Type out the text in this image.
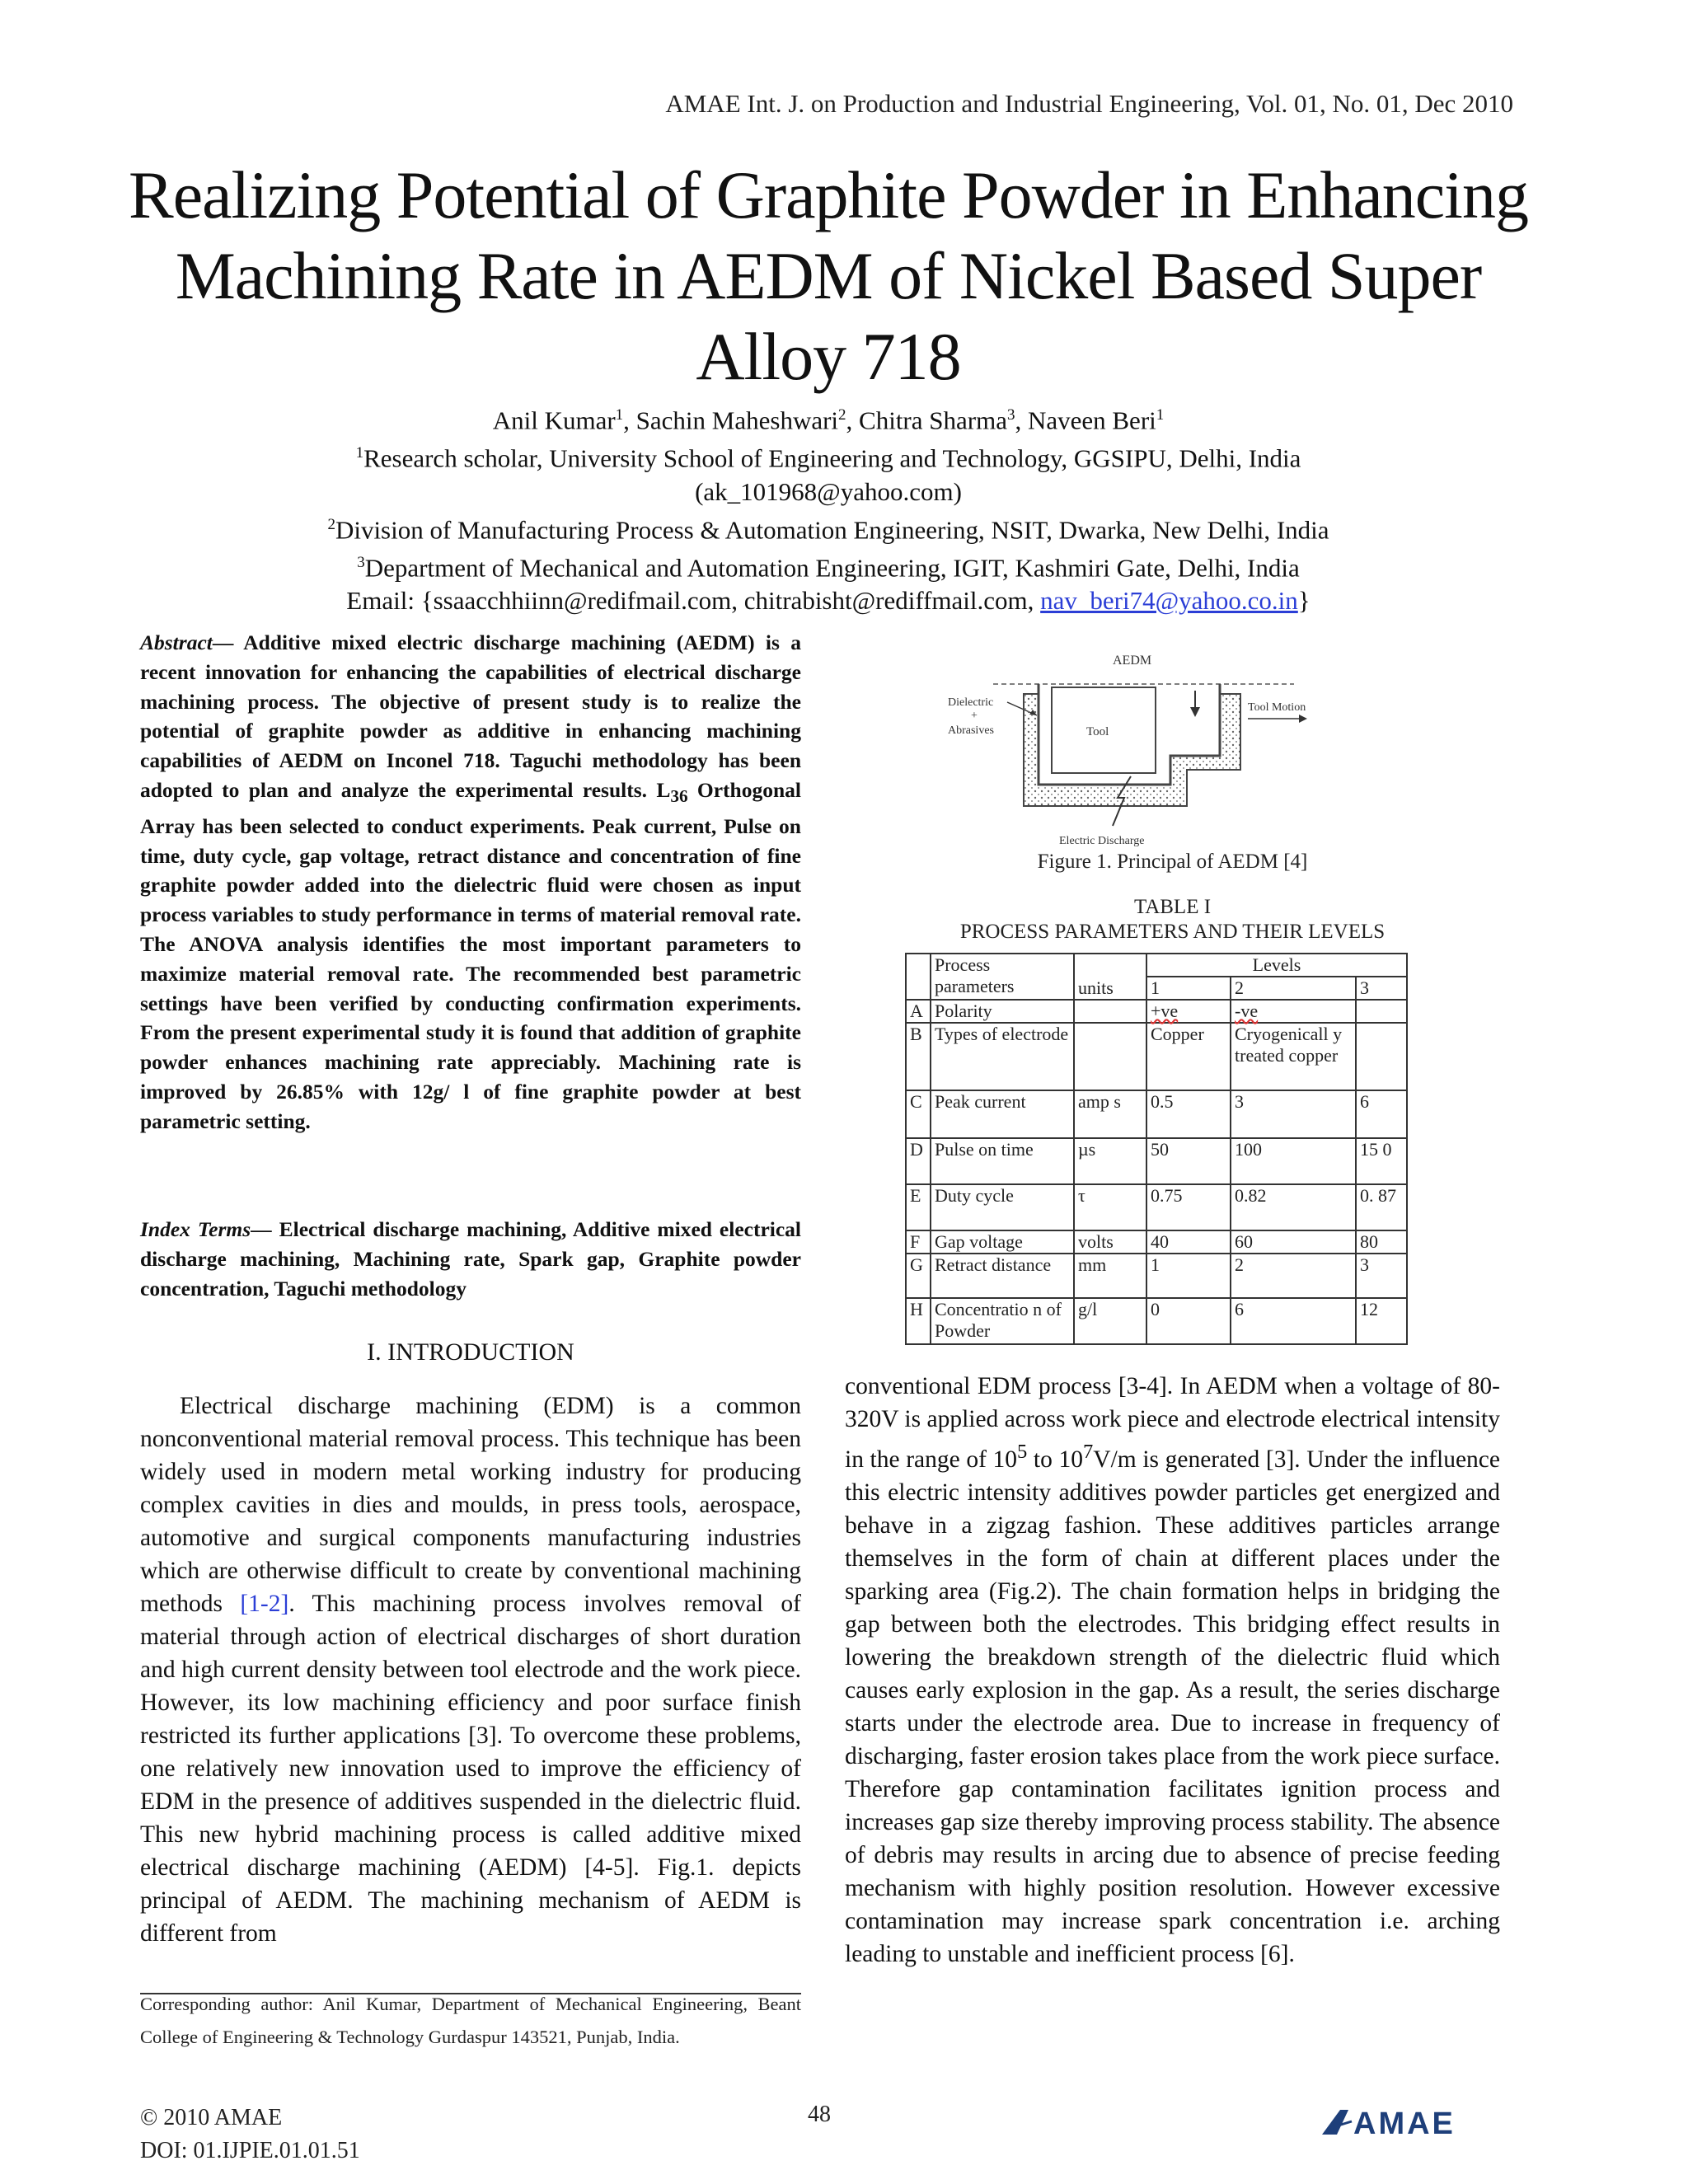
AMAE Int. J. on Production and Industrial Engineering, Vol. 01, No. 01, Dec 2010
Realizing Potential of Graphite Powder in Enhancing
Machining Rate in AEDM of Nickel Based Super
Alloy 718
Anil Kumar$^1$, Sachin Maheshwari$^2$, Chitra Sharma$^3$, Naveen Beri$^1$
$^1$Research scholar, University School of Engineering and Technology, GGSIPU, Delhi, India
(ak_101968@yahoo.com)
$^2$Division of Manufacturing Process & Automation Engineering, NSIT, Dwarka, New Delhi, India
$^3$Department of Mechanical and Automation Engineering, IGIT, Kashmiri Gate, Delhi, India
Email: {ssaacchhiinn@redifmail.com, chitrabisht@rediffmail.com, nav_beri74@yahoo.co.in}
Abstract— Additive mixed electric discharge machining (AEDM) is a recent innovation for enhancing the capabilities of electrical discharge machining process. The objective of present study is to realize the potential of graphite powder as additive in enhancing machining capabilities of AEDM on Inconel 718. Taguchi methodology has been adopted to plan and analyze the experimental results. $L_{36}$ Orthogonal Array has been selected to conduct experiments. Peak current, Pulse on time, duty cycle, gap voltage, retract distance and concentration of fine graphite powder added into the dielectric fluid were chosen as input process variables to study performance in terms of material removal rate. The ANOVA analysis identifies the most important parameters to maximize material removal rate. The recommended best parametric settings have been verified by conducting confirmation experiments. From the present experimental study it is found that addition of graphite powder enhances machining rate appreciably. Machining rate is improved by 26.85% with 12g/ l of fine graphite powder at best parametric setting.
Index Terms— Electrical discharge machining, Additive mixed electrical discharge machining, Machining rate, Spark gap, Graphite powder concentration, Taguchi methodology
I. INTRODUCTION
Electrical discharge machining (EDM) is a common nonconventional material removal process. This technique has been widely used in modern metal working industry for producing complex cavities in dies and moulds, in press tools, aerospace, automotive and surgical components manufacturing industries which are otherwise difficult to create by conventional machining methods [1-2]. This machining process involves removal of material through action of electrical discharges of short duration and high current density between tool electrode and the work piece. However, its low machining efficiency and poor surface finish restricted its further applications [3]. To overcome these problems, one relatively new innovation used to improve the efficiency of EDM in the presence of additives suspended in the dielectric fluid. This new hybrid machining process is called additive mixed electrical discharge machining (AEDM) [4-5]. Fig.1. depicts principal of AEDM. The machining mechanism of AEDM is different from
Corresponding author: Anil Kumar, Department of Mechanical Engineering, Beant College of Engineering & Technology Gurdaspur 143521, Punjab, India.
AEDM
Dielectric
+
Abrasives	Tool
Tool Motion
Electric Discharge
Figure 1. Principal of AEDM [4]
TABLE I
PROCESS PARAMETERS AND THEIR LEVELS
	Process parameters	units	Levels		
			1	2	3
A	Polarity		+ve	-ve	
B	Types of electrode		Copper	Cryogenicall y treated copper	
C	Peak current	amp s	0.5	3	6
D	Pulse on time	µs	50	100	15 0
E	Duty cycle	τ	0.75	0.82	0. 87
F	Gap voltage	volts	40	60	80
G	Retract distance	mm	1	2	3
H	Concentratio n of Powder	g/l	0	6	12
conventional EDM process [3-4]. In AEDM when a voltage of 80-320V is applied across work piece and electrode electrical intensity in the range of $10^5$ to $10^7V/m$ is generated [3]. Under the influence this electric intensity additives powder particles get energized and behave in a zigzag fashion. These additives particles arrange themselves in the form of chain at different places under the sparking area (Fig.2). The chain formation helps in bridging the gap between both the electrodes. This bridging effect results in lowering the breakdown strength of the dielectric fluid which causes early explosion in the gap. As a result, the series discharge starts under the electrode area. Due to increase in frequency of discharging, faster erosion takes place from the work piece surface. Therefore gap contamination facilitates ignition process and increases gap size thereby improving process stability. The absence of debris may results in arcing due to absence of precise feeding mechanism with highly position resolution. However excessive contamination may increase spark concentration i.e. arching leading to unstable and inefficient process [6].
© 2010 AMAE
DOI: 01.IJPIE.01.01.51
48	AMAE
